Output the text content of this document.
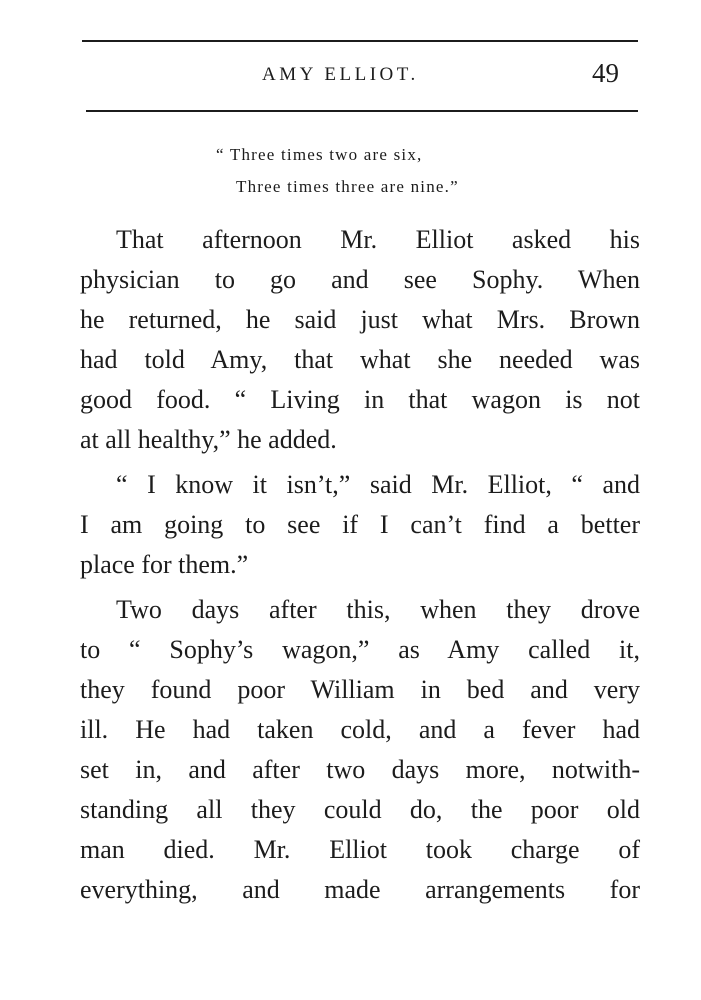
AMY ELLIOT.	49
“ Three times two are six,
Three times three are nine.”
That afternoon Mr. Elliot asked his
physician to go and see Sophy. When
he returned, he said just what Mrs. Brown
had told Amy, that what she needed was
good food. “ Living in that wagon is not
at all healthy,” he added.
“ I know it isn’t,” said Mr. Elliot, “ and
I am going to see if I can’t find a better
place for them.”
Two days after this, when they drove
to “ Sophy’s wagon,” as Amy called it,
they found poor William in bed and very
ill. He had taken cold, and a fever had
set in, and after two days more, notwith-
standing all they could do, the poor old
man died. Mr. Elliot took charge of
everything, and made arrangements for
